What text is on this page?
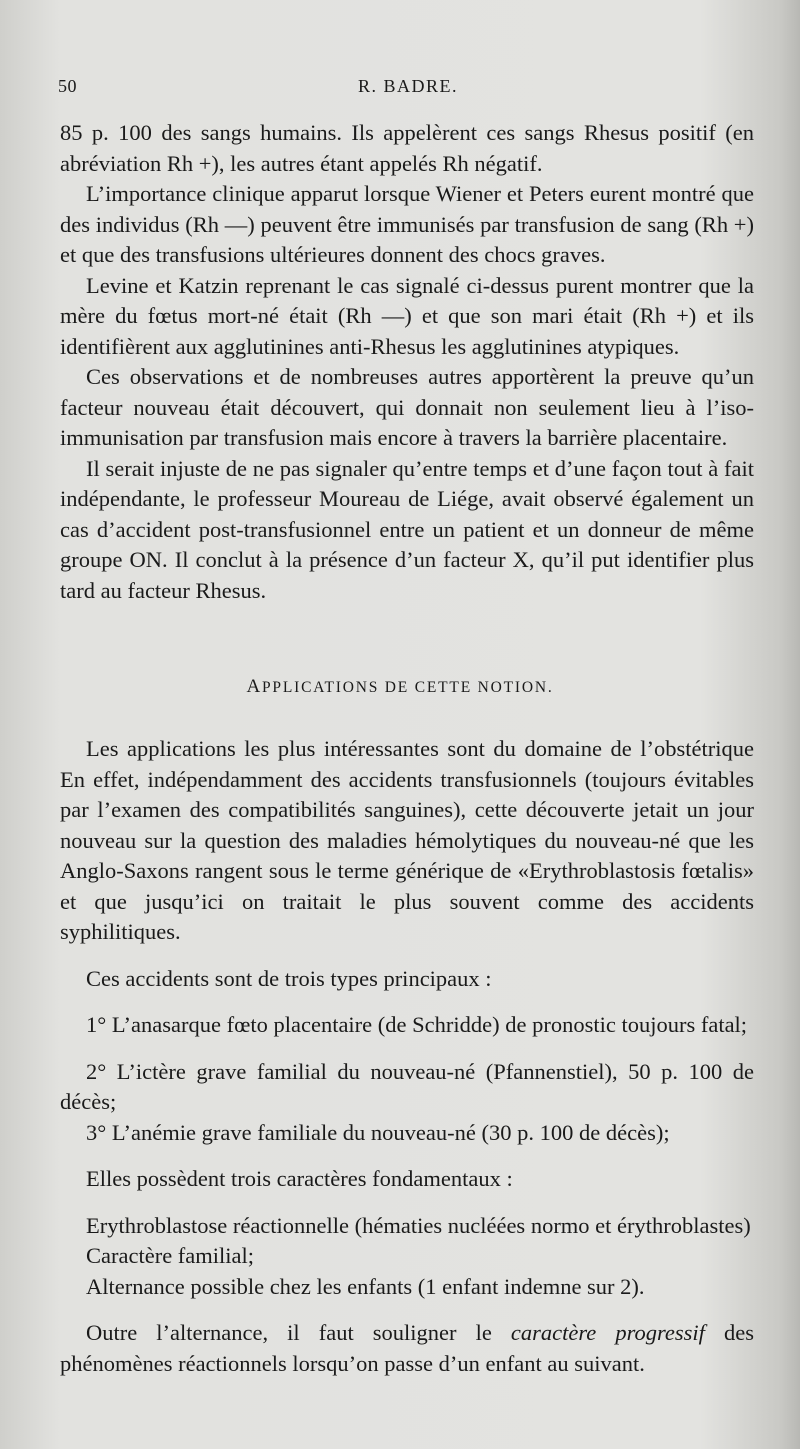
50	R. BADRE.

85 p. 100 des sangs humains. Ils appelèrent ces sangs Rhesus positif (en abréviation Rh +), les autres étant appelés Rh négatif.

L’importance clinique apparut lorsque Wiener et Peters eurent montré que des individus (Rh —) peuvent être immunisés par transfusion de sang (Rh +) et que des transfusions ultérieures donnent des chocs graves.

Levine et Katzin reprenant le cas signalé ci-dessus purent montrer que la mère du fœtus mort-né était (Rh —) et que son mari était (Rh +) et ils identifièrent aux agglutinines anti-Rhesus les agglutinines atypiques.

Ces observations et de nombreuses autres apportèrent la preuve qu’un facteur nouveau était découvert, qui donnait non seulement lieu à l’iso-immunisation par transfusion mais encore à travers la barrière placentaire.

Il serait injuste de ne pas signaler qu’entre temps et d’une façon tout à fait indépendante, le professeur Moureau de Liége, avait observé également un cas d’accident post-transfusionnel entre un patient et un donneur de même groupe ON. Il conclut à la présence d’un facteur X, qu’il put identifier plus tard au facteur Rhesus.

APPLICATIONS DE CETTE NOTION.

Les applications les plus intéressantes sont du domaine de l’obstétrique En effet, indépendamment des accidents transfusionnels (toujours évitables par l’examen des compatibilités sanguines), cette découverte jetait un jour nouveau sur la question des maladies hémolytiques du nouveau-né que les Anglo-Saxons rangent sous le terme générique de «Erythroblastosis fœtalis» et que jusqu’ici on traitait le plus souvent comme des accidents syphilitiques.

Ces accidents sont de trois types principaux :

1° L’anasarque fœto placentaire (de Schridde) de pronostic toujours fatal;

2° L’ictère grave familial du nouveau-né (Pfannenstiel), 50 p. 100 de décès;

3° L’anémie grave familiale du nouveau-né (30 p. 100 de décès);

Elles possèdent trois caractères fondamentaux :

Erythroblastose réactionnelle (hématies nucléées normo et érythroblastes)

Caractère familial;

Alternance possible chez les enfants (1 enfant indemne sur 2).

Outre l’alternance, il faut souligner le caractère progressif des phénomènes réactionnels lorsqu’on passe d’un enfant au suivant.
